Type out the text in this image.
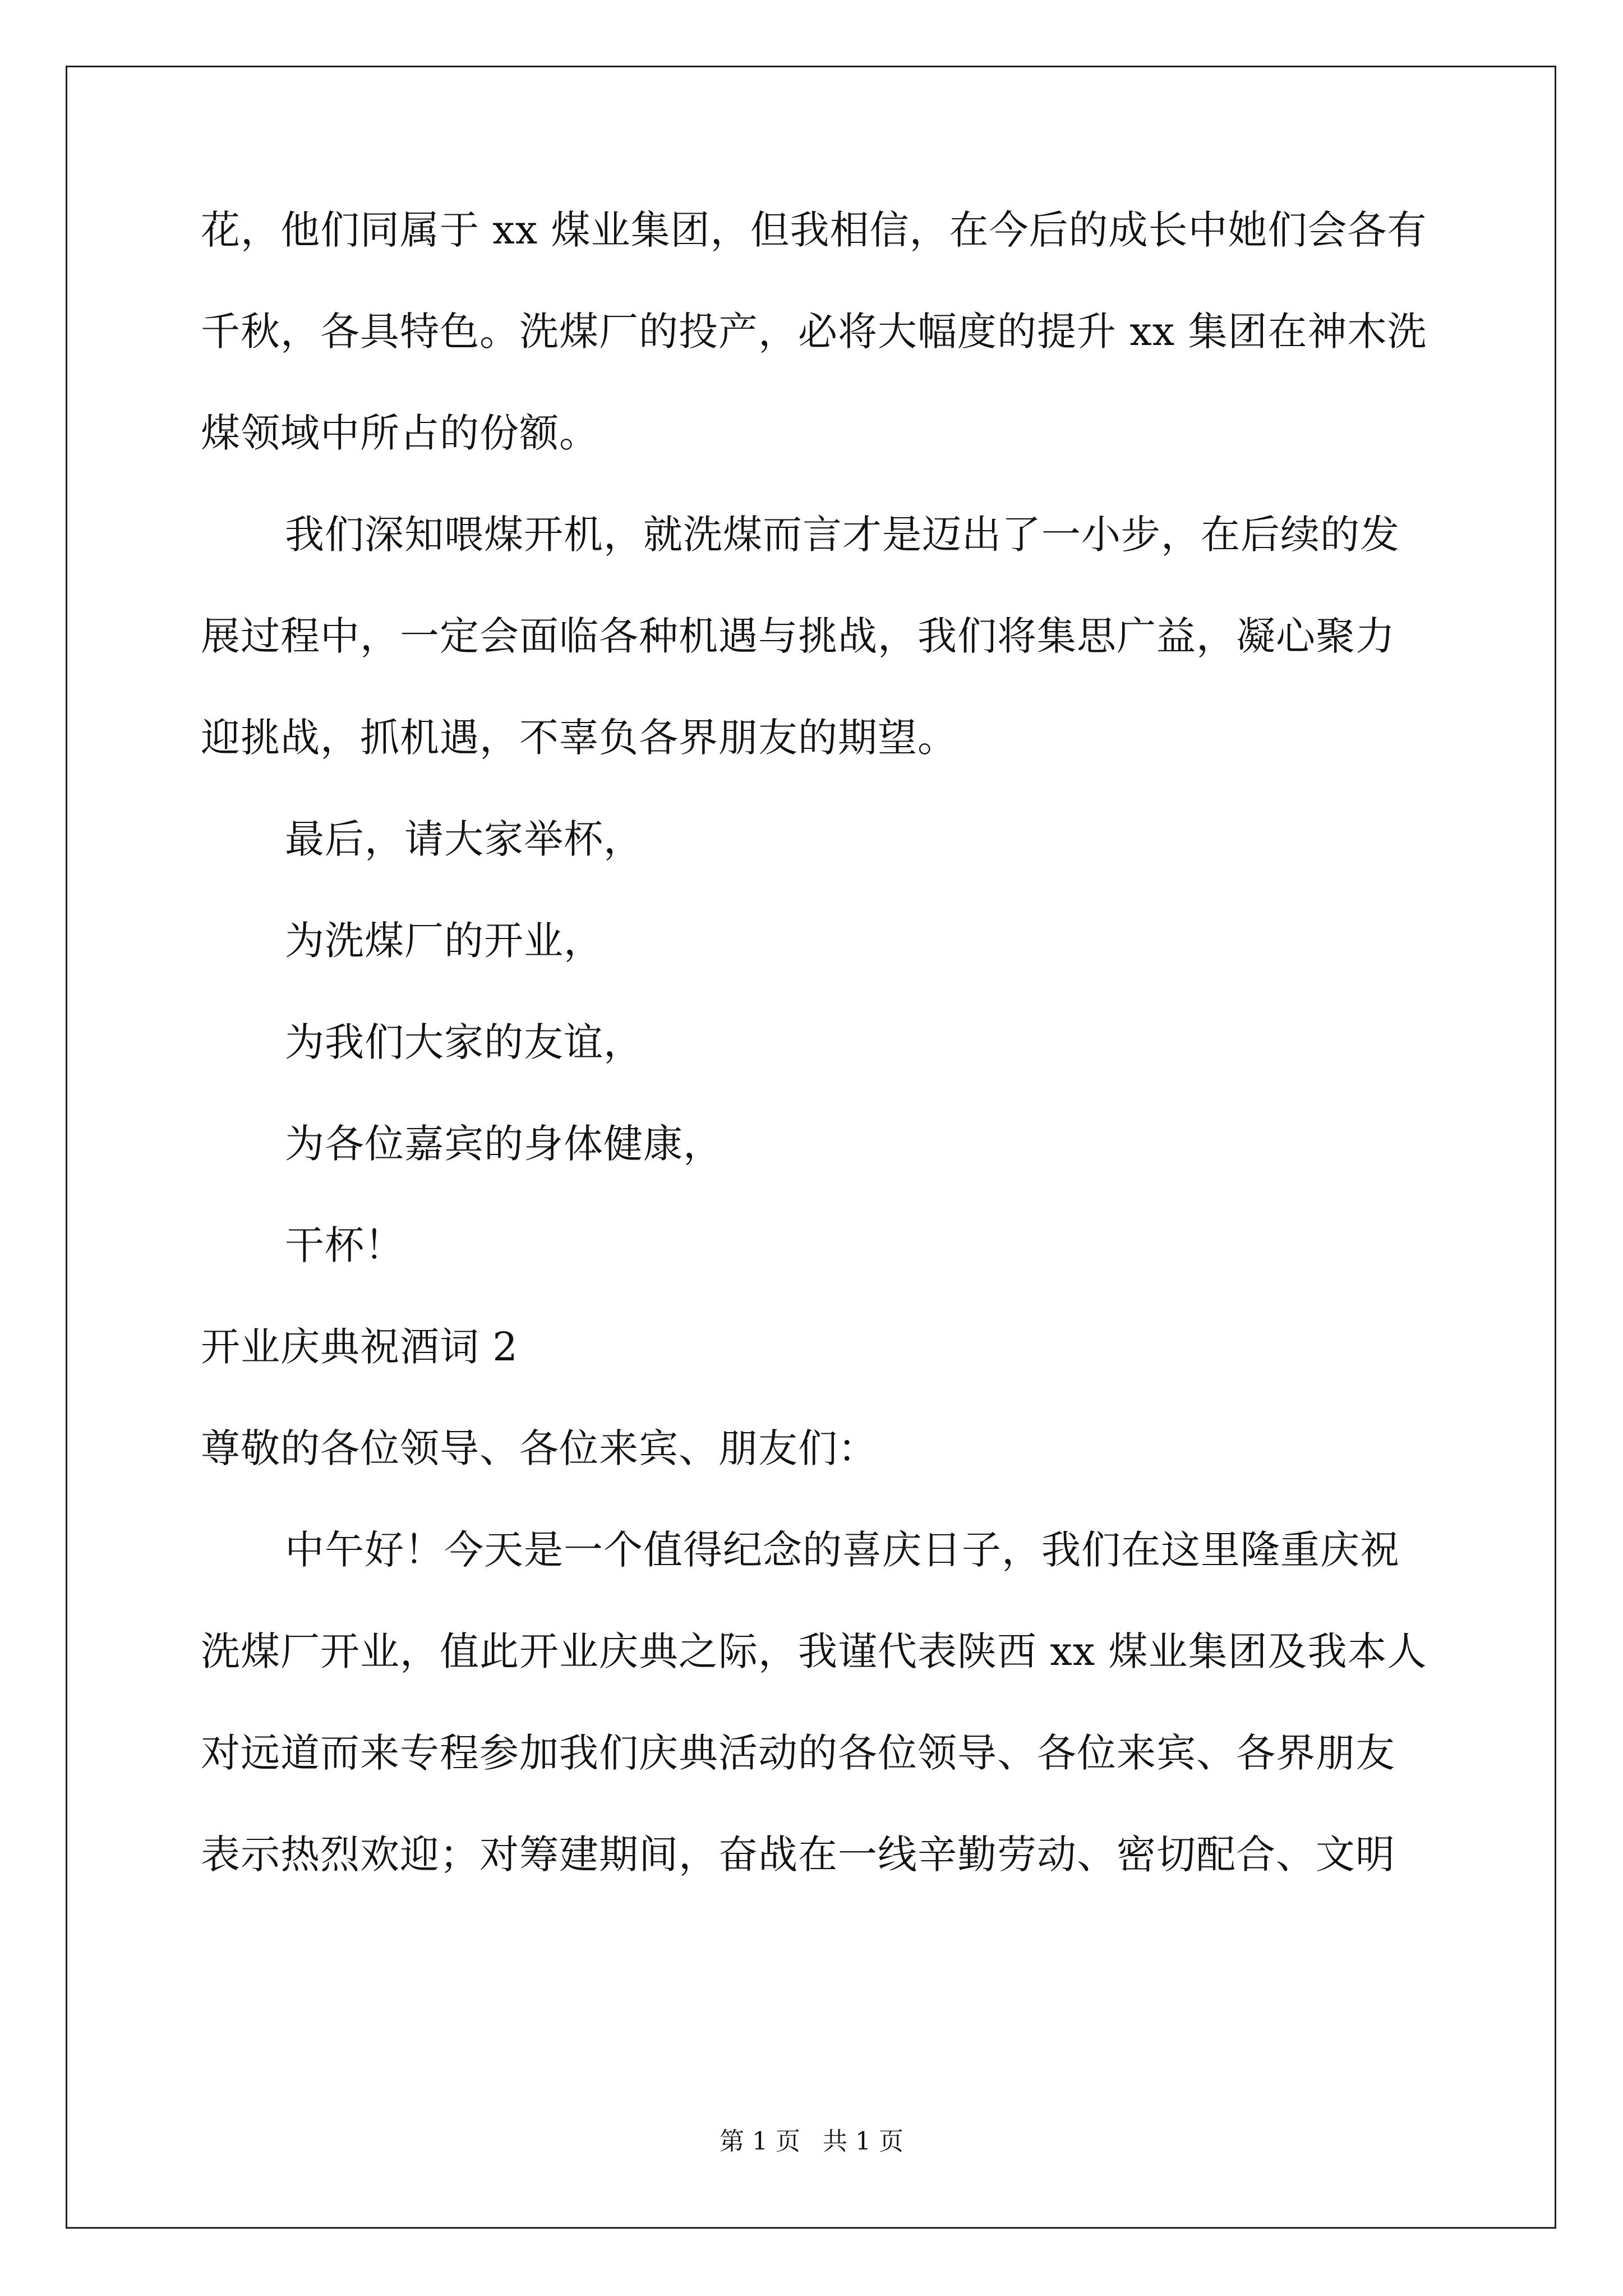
花，他们同属于 xx 煤业集团，但我相信，在今后的成长中她们会各有
千秋，各具特色。洗煤厂的投产，必将大幅度的提升 xx 集团在神木洗
煤领域中所占的份额。
我们深知喂煤开机，就洗煤而言才是迈出了一小步，在后续的发
展过程中，一定会面临各种机遇与挑战，我们将集思广益，凝心聚力
迎挑战，抓机遇，不辜负各界朋友的期望。
最后，请大家举杯，
为洗煤厂的开业，
为我们大家的友谊，
为各位嘉宾的身体健康，
干杯！
开业庆典祝酒词 2
尊敬的各位领导、各位来宾、朋友们：
中午好！今天是一个值得纪念的喜庆日子，我们在这里隆重庆祝
洗煤厂开业，值此开业庆典之际，我谨代表陕西 xx 煤业集团及我本人
对远道而来专程参加我们庆典活动的各位领导、各位来宾、各界朋友
表示热烈欢迎；对筹建期间，奋战在一线辛勤劳动、密切配合、文明
第 1 页 共 1 页
